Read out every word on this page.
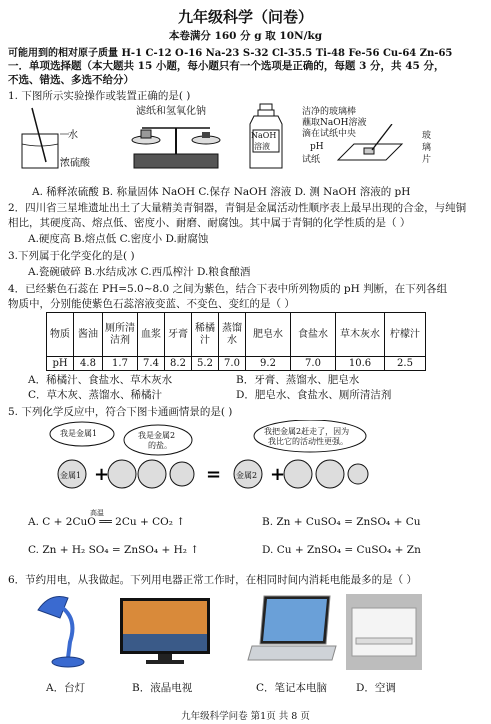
九年级科学（问卷）
本卷满分 160 分 g 取 10N/kg
可能用到的相对原子质量 H-1 C-12 O-16 Na-23 S-32 Cl-35.5 Ti-48 Fe-56 Cu-64 Zn-65
一．单项选择题（本大题共 15 小题，每小题只有一个选项是正确的，每题 3 分，共 45 分，
不选、错选、多选不给分）
1. 下图所示实验操作或装置正确的是( )
水
浓硫酸
滤纸和氢氧化钠
NaOH
溶液
洁净的玻璃棒
蘸取NaOH溶液
滴在试纸中央
pH
试纸
玻
璃
片
A. 稀释浓硫酸 B. 称量固体 NaOH C.保存 NaOH 溶液 D. 测 NaOH 溶液的 pH
2．四川省三星堆遗址出土了大量精美青铜器，青铜是金属活动性顺序表上最早出现的合金，与纯铜
相比，其硬度高、熔点低、密度小、耐磨、耐腐蚀。其中属于青铜的化学性质的是（ ）
A.硬度高 B.熔点低 C.密度小 D.耐腐蚀
3.下列属于化学变化的是( )
A.瓷碗破碎 B.水结成冰 C.西瓜榨汁 D.粮食酿酒
4．已经紫色石蕊在 PH=5.0~8.0 之间为紫色，结合下表中所列物质的 pH 判断，在下列各组
物质中，分别能使紫色石蕊溶液变蓝、不变色、变红的是（ ）
物质	酱油	厕所清洁剂	血浆	牙膏	稀橘汁	蒸馏水	肥皂水	食盐水	草木灰水	柠檬汁
pH	4.8	1.7	7.4	8.2	5.2	7.0	9.2	7.0	10.6	2.5
A．稀橘汁、食盐水、草木灰水	B．牙膏、蒸馏水、肥皂水
C．草木灰、蒸馏水、稀橘汁	D．肥皂水、食盐水、厕所清洁剂
5. 下列化学反应中，符合下图卡通画情景的是( )
+	=	+
我是金属1	我是金属2
的盐。
我把金属2赶走了，因为
我比它的活动性更强。
金属1	金属2
A. C + 2CuO ══ 2Cu + CO₂ ↑
高温
B. Zn + CuSO₄ = ZnSO₄ + Cu
C. Zn + H₂ SO₄ = ZnSO₄ + H₂ ↑	D. Cu + ZnSO₄ = CuSO₄ + Zn
6．节约用电，从我做起。下列用电器正常工作时，在相同时间内消耗电能最多的是（ ）
A．台灯	B．液晶电视	C．笔记本电脑	D．空调
九年级科学问卷 第1页 共 8 页
